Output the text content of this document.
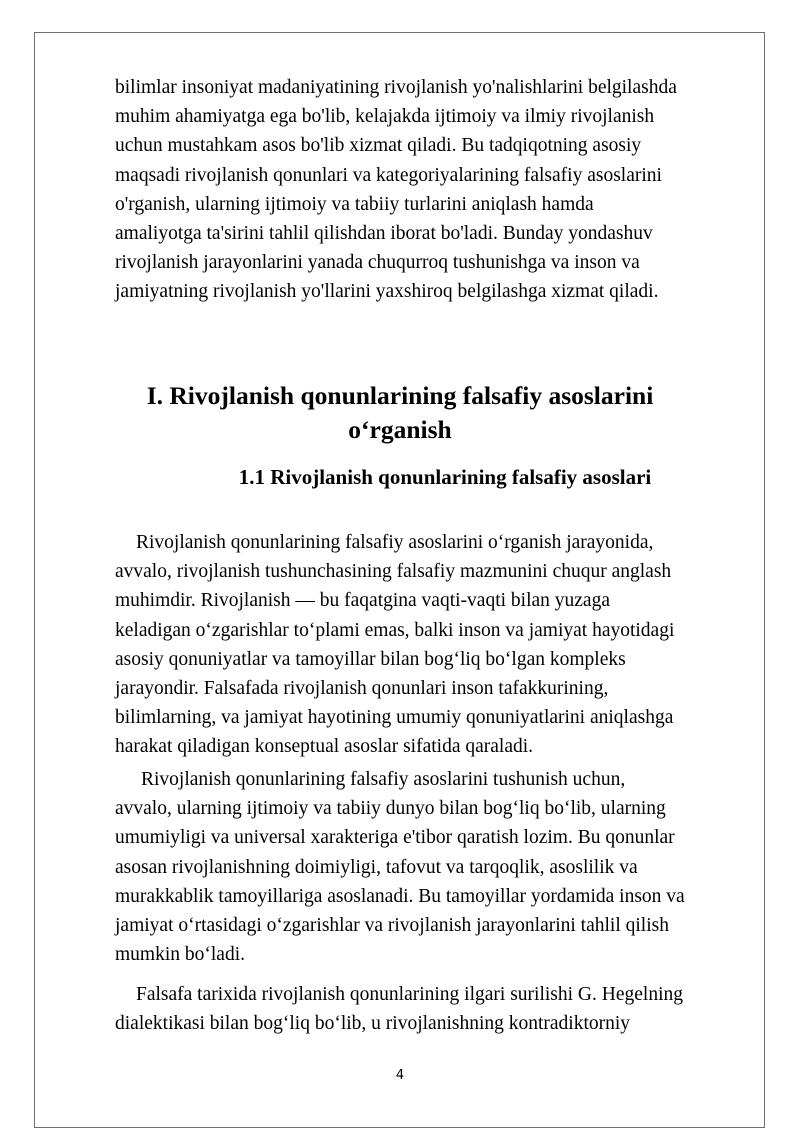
bilimlar insoniyat madaniyatining rivojlanish yo'nalishlarini belgilashda
muhim ahamiyatga ega bo'lib, kelajakda ijtimoiy va ilmiy rivojlanish
uchun mustahkam asos bo'lib xizmat qiladi. Bu tadqiqotning asosiy
maqsadi rivojlanish qonunlari va kategoriyalarining falsafiy asoslarini
o'rganish, ularning ijtimoiy va tabiiy turlarini aniqlash hamda
amaliyotga ta'sirini tahlil qilishdan iborat bo'ladi. Bunday yondashuv
rivojlanish jarayonlarini yanada chuqurroq tushunishga va inson va
jamiyatning rivojlanish yo'llarini yaxshiroq belgilashga xizmat qiladi.
I. Rivojlanish qonunlarining falsafiy asoslarini
o‘rganish
1.1 Rivojlanish qonunlarining falsafiy asoslari
Rivojlanish qonunlarining falsafiy asoslarini o‘rganish jarayonida,
avvalo, rivojlanish tushunchasining falsafiy mazmunini chuqur anglash
muhimdir. Rivojlanish — bu faqatgina vaqti-vaqti bilan yuzaga
keladigan o‘zgarishlar to‘plami emas, balki inson va jamiyat hayotidagi
asosiy qonuniyatlar va tamoyillar bilan bog‘liq bo‘lgan kompleks
jarayondir. Falsafada rivojlanish qonunlari inson tafakkurining,
bilimlarning, va jamiyat hayotining umumiy qonuniyatlarini aniqlashga
harakat qiladigan konseptual asoslar sifatida qaraladi.
Rivojlanish qonunlarining falsafiy asoslarini tushunish uchun,
avvalo, ularning ijtimoiy va tabiiy dunyo bilan bog‘liq bo‘lib, ularning
umumiyligi va universal xarakteriga e'tibor qaratish lozim. Bu qonunlar
asosan rivojlanishning doimiyligi, tafovut va tarqoqlik, asoslilik va
murakkablik tamoyillariga asoslanadi. Bu tamoyillar yordamida inson va
jamiyat o‘rtasidagi o‘zgarishlar va rivojlanish jarayonlarini tahlil qilish
mumkin bo‘ladi.
Falsafa tarixida rivojlanish qonunlarining ilgari surilishi G. Hegelning
dialektikasi bilan bog‘liq bo‘lib, u rivojlanishning kontradiktorniy
4
